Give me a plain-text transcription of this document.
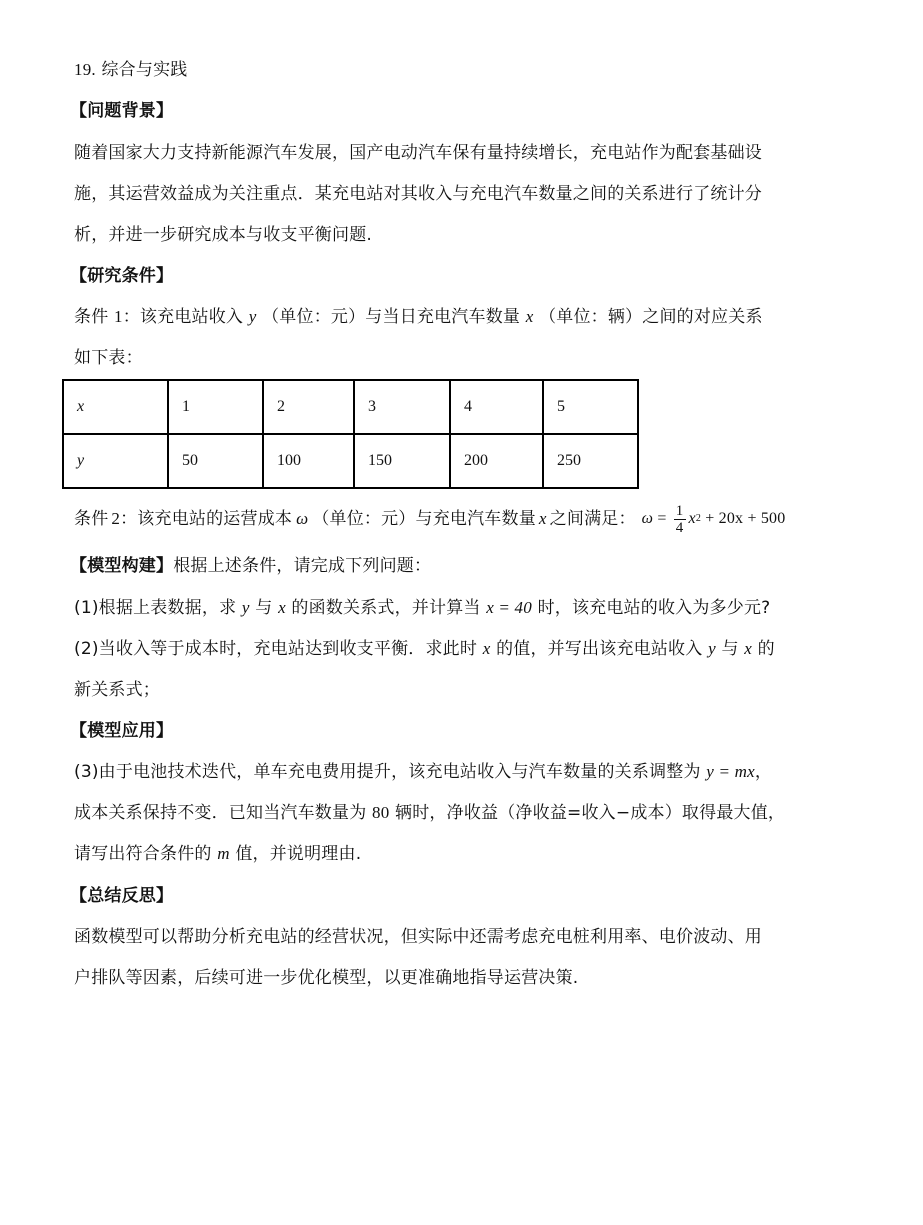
19. 综合与实践
【问题背景】
随着国家大力支持新能源汽车发展，国产电动汽车保有量持续增长，充电站作为配套基础设
施，其运营效益成为关注重点．某充电站对其收入与充电汽车数量之间的关系进行了统计分
析，并进一步研究成本与收支平衡问题.
【研究条件】
条件 1：该充电站收入 y （单位：元）与当日充电汽车数量 x （单位：辆）之间的对应关系
如下表：
x	1	2	3	4	5
y	50	100	150	200	250
条件 2 ：该充电站的运营成本 ω （单位：元）与充电汽车数量 x 之间满足： $\omega = \frac{1}{4}$ x 2 + 20x + 500
【模型构建】根据上述条件，请完成下列问题：
(1)根据上表数据，求 y 与 x 的函数关系式，并计算当 x = 40 时，该充电站的收入为多少元?
(2)当收入等于成本时，充电站达到收支平衡．求此时 x 的值，并写出该充电站收入 y 与 x 的
新关系式；
【模型应用】
(3)由于电池技术迭代，单车充电费用提升，该充电站收入与汽车数量的关系调整为 y = mx，
成本关系保持不变．已知当汽车数量为 80 辆时，净收益（净收益=收入−成本）取得最大值，
请写出符合条件的 m 值，并说明理由.
【总结反思】
函数模型可以帮助分析充电站的经营状况，但实际中还需考虑充电桩利用率、电价波动、用
户排队等因素，后续可进一步优化模型，以更准确地指导运营决策.
